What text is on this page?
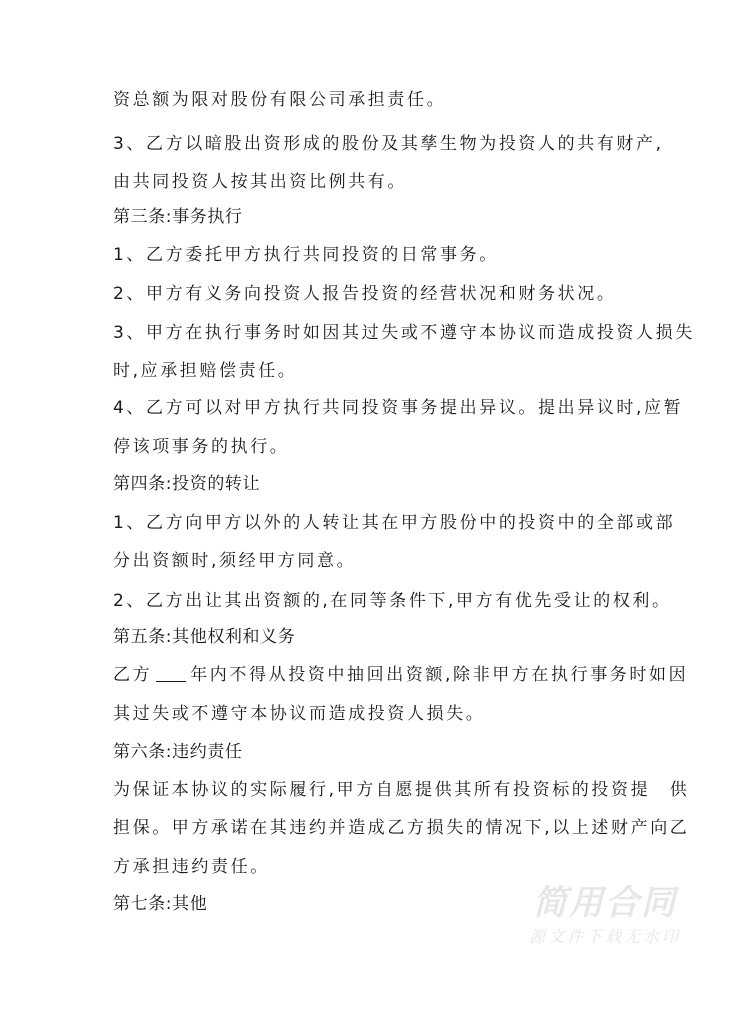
资总额为限对股份有限公司承担责任。
3、乙方以暗股出资形成的股份及其孳生物为投资人的共有财产,
由共同投资人按其出资比例共有。
第三条:事务执行
1、乙方委托甲方执行共同投资的日常事务。
2、甲方有义务向投资人报告投资的经营状况和财务状况。
3、甲方在执行事务时如因其过失或不遵守本协议而造成投资人损失
时,应承担赔偿责任。
4、乙方可以对甲方执行共同投资事务提出异议。提出异议时,应暂
停该项事务的执行。
第四条:投资的转让
1、乙方向甲方以外的人转让其在甲方股份中的投资中的全部或部
分出资额时,须经甲方同意。
2、乙方出让其出资额的,在同等条件下,甲方有优先受让的权利。
第五条:其他权利和义务
乙方 年内不得从投资中抽回出资额,除非甲方在执行事务时如因
其过失或不遵守本协议而造成投资人损失。
第六条:违约责任
为保证本协议的实际履行,甲方自愿提供其所有投资标的投资提　供
担保。甲方承诺在其违约并造成乙方损失的情况下,以上述财产向乙
方承担违约责任。
第七条:其他	简用合同
源文件下载无水印
